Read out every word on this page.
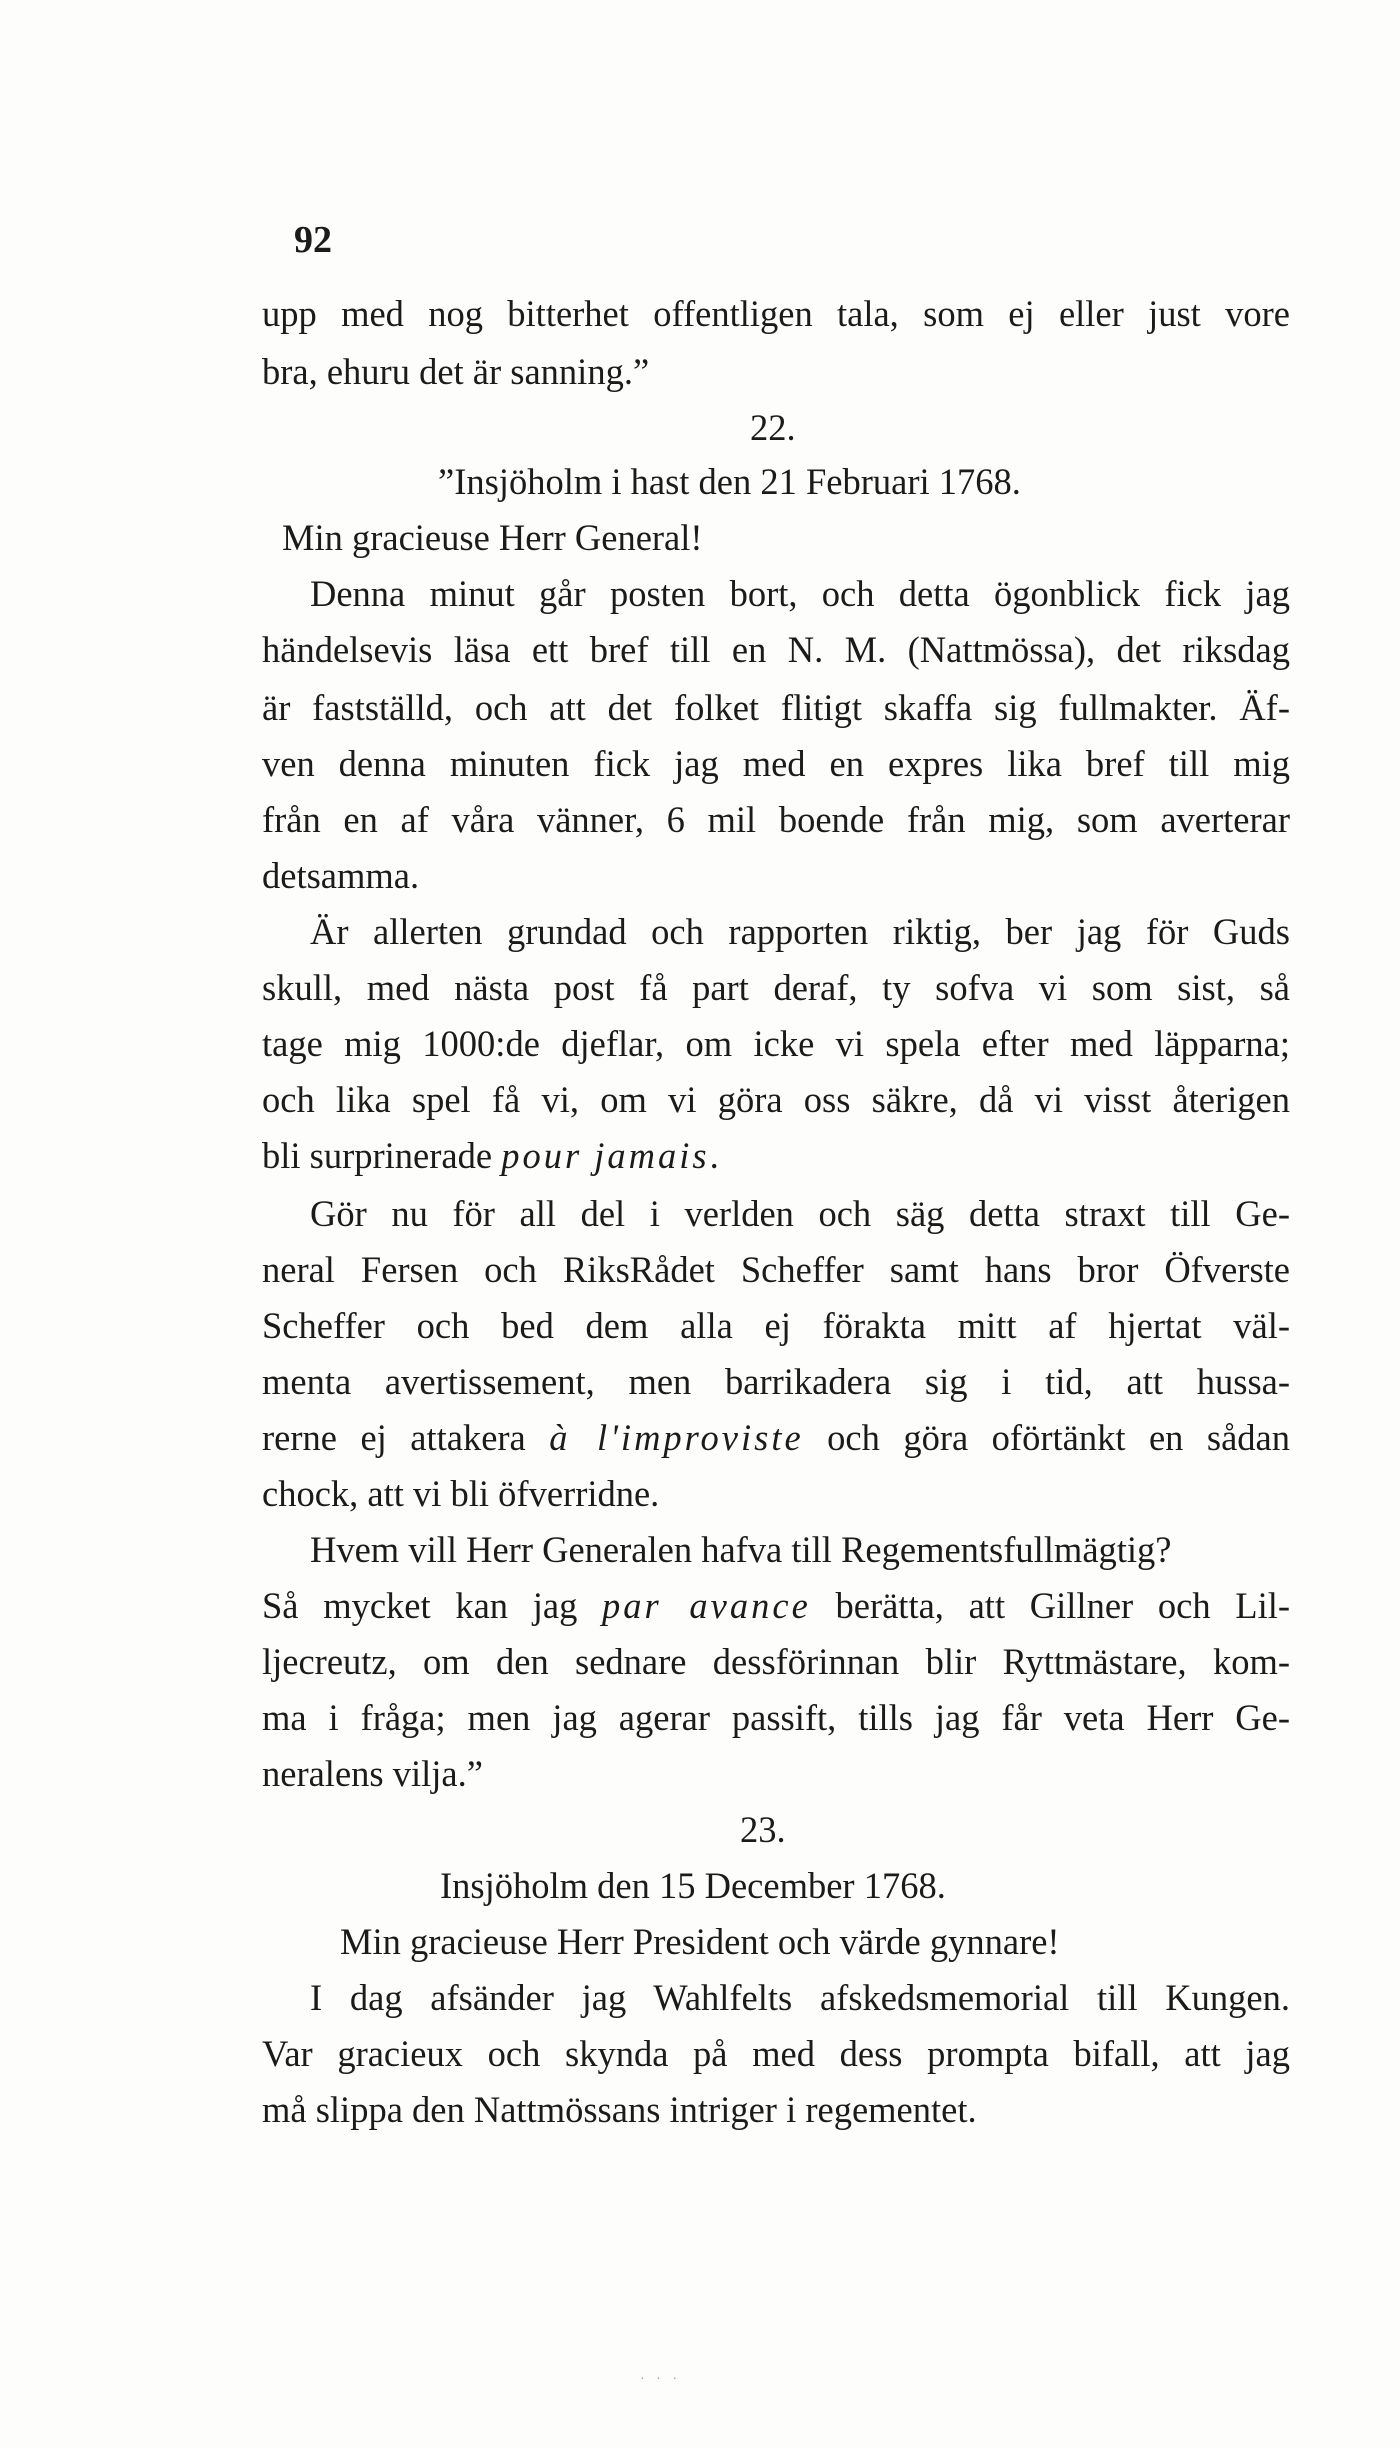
92
upp med nog bitterhet offentligen tala, som ej eller just vore
bra, ehuru det är sanning.”
22.
”Insjöholm i hast den 21 Februari 1768.
Min gracieuse Herr General!
Denna minut går posten bort, och detta ögonblick fick jag
händelsevis läsa ett bref till en N. M. (Nattmössa), det riksdag
är fastställd, och att det folket flitigt skaffa sig fullmakter. Äf-
ven denna minuten fick jag med en expres lika bref till mig
från en af våra vänner, 6 mil boende från mig, som averterar
detsamma.
Är allerten grundad och rapporten riktig, ber jag för Guds
skull, med nästa post få part deraf, ty sofva vi som sist, så
tage mig 1000:de djeflar, om icke vi spela efter med läpparna;
och lika spel få vi, om vi göra oss säkre, då vi visst återigen
bli surprinerade pour jamais.
Gör nu för all del i verlden och säg detta straxt till Ge-
neral Fersen och RiksRådet Scheffer samt hans bror Öfverste
Scheffer och bed dem alla ej förakta mitt af hjertat väl-
menta avertissement, men barrikadera sig i tid, att hussa-
rerne ej attakera à l'improviste och göra oförtänkt en sådan
chock, att vi bli öfverridne.
Hvem vill Herr Generalen hafva till Regementsfullmägtig?
Så mycket kan jag par avance berätta, att Gillner och Lil-
ljecreutz, om den sednare dessförinnan blir Ryttmästare, kom-
ma i fråga; men jag agerar passift, tills jag får veta Herr Ge-
neralens vilja.”
23.
Insjöholm den 15 December 1768.
Min gracieuse Herr President och värde gynnare!
I dag afsänder jag Wahlfelts afskedsmemorial till Kungen.
Var gracieux och skynda på med dess prompta bifall, att jag
må slippa den Nattmössans intriger i regementet.
· · ·
